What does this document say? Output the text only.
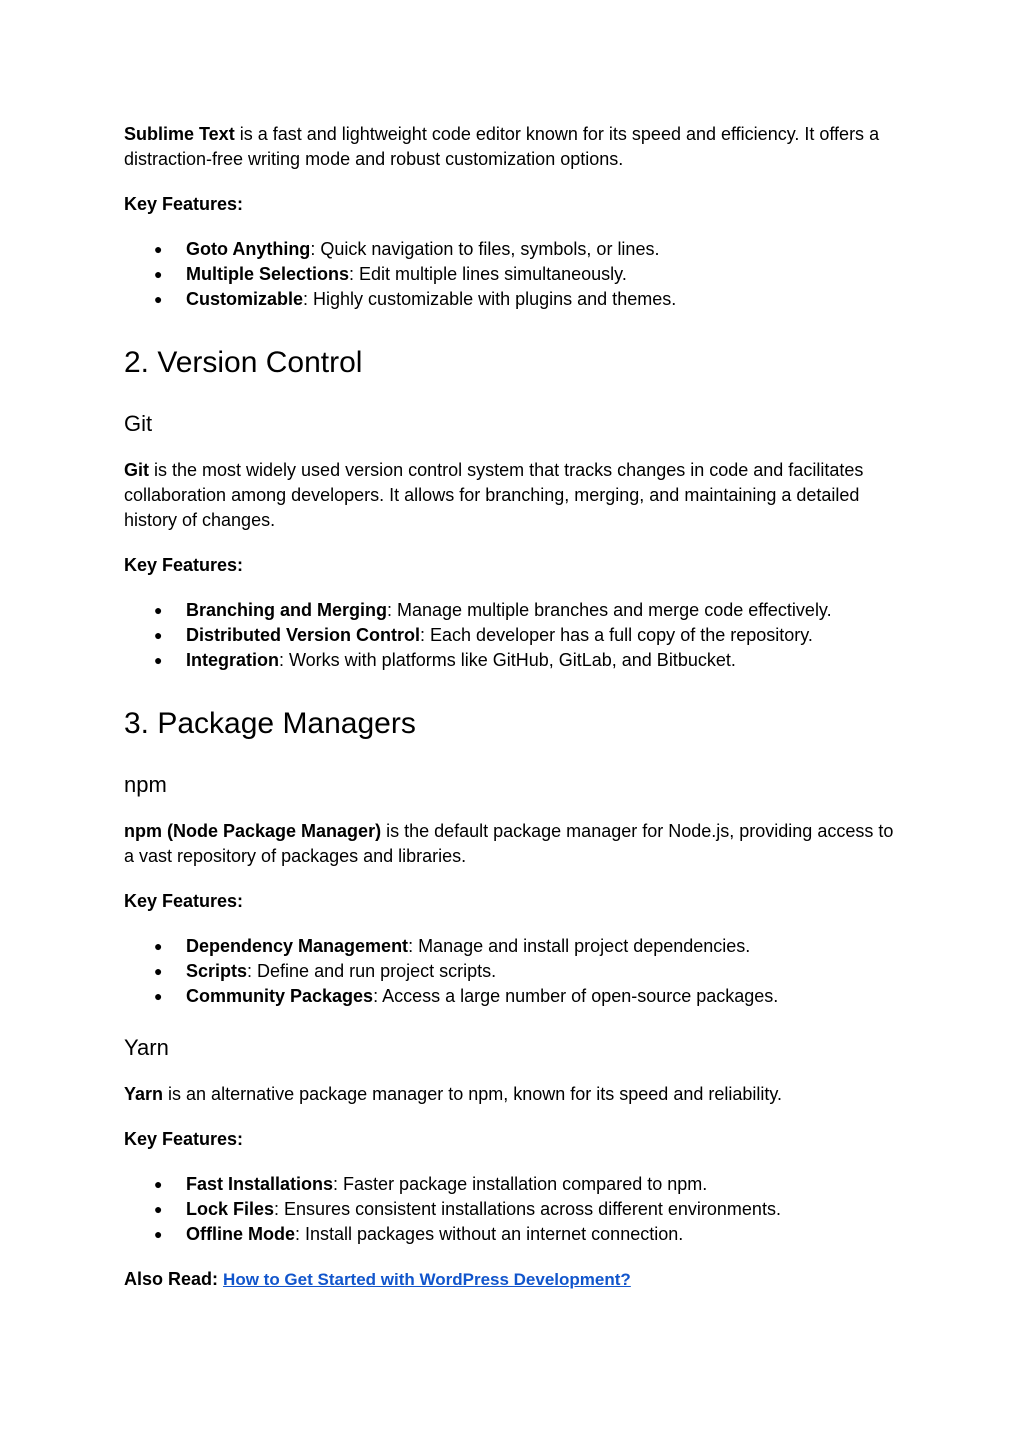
Sublime Text is a fast and lightweight code editor known for its speed and efficiency. It offers a distraction-free writing mode and robust customization options.

Key Features:

● Goto Anything: Quick navigation to files, symbols, or lines.
● Multiple Selections: Edit multiple lines simultaneously.
● Customizable: Highly customizable with plugins and themes.
2. Version Control
Git

Git is the most widely used version control system that tracks changes in code and facilitates collaboration among developers. It allows for branching, merging, and maintaining a detailed history of changes.

Key Features:

● Branching and Merging: Manage multiple branches and merge code effectively.
● Distributed Version Control: Each developer has a full copy of the repository.
● Integration: Works with platforms like GitHub, GitLab, and Bitbucket.
3. Package Managers
npm

npm (Node Package Manager) is the default package manager for Node.js, providing access to a vast repository of packages and libraries.

Key Features:

● Dependency Management: Manage and install project dependencies.
● Scripts: Define and run project scripts.
● Community Packages: Access a large number of open-source packages.
Yarn

Yarn is an alternative package manager to npm, known for its speed and reliability.

Key Features:

● Fast Installations: Faster package installation compared to npm.
● Lock Files: Ensures consistent installations across different environments.
● Offline Mode: Install packages without an internet connection.

Also Read: How to Get Started with WordPress Development?
